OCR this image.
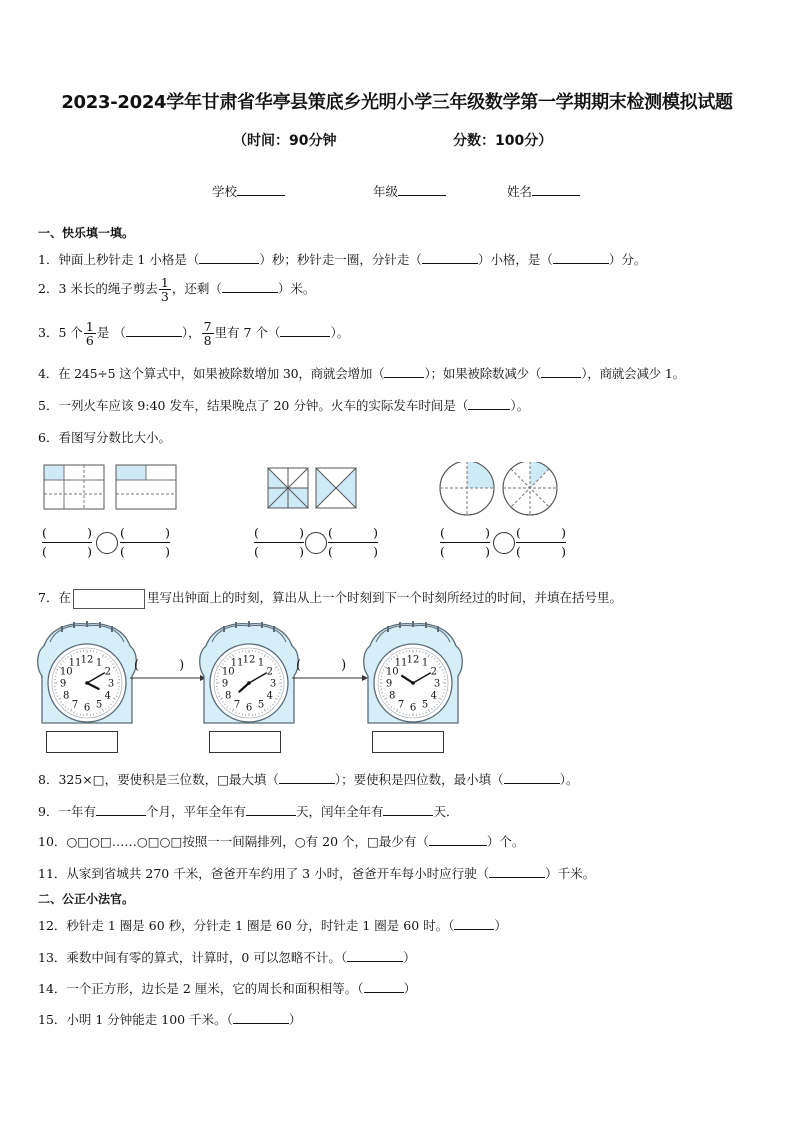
2023-2024学年甘肃省华亭县策底乡光明小学三年级数学第一学期期末检测模拟试题
（时间：90分钟	分数：100分）
学校	年级	姓名
一、快乐填一填。
1．钟面上秒针走 1 小格是（	）秒；秒针走一圈，分针走（	）小格，是（	）分。
2．3 米长的绳子剪去 $\frac{1}{3}$ ，还剩（	）米。
3．5 个 $\frac{1}{6}$ 是 （	）， $\frac{7}{8}$ 里有 7 个（	）。
4．在 245÷5 这个算式中，如果被除数增加 30，商就会增加（	）；如果被除数减少（	），商就会减少 1。
5．一列火车应该 9:40 发车，结果晚点了 20 分钟。火车的实际发车时间是（	）。
6．看图写分数比大小。
(	)
(	)
(	)
(	)
(	)
(	)
(	)
(	)
(	)
(	)
(	)
(	)
7．在	里写出钟面上的时刻，算出从上一个时刻到下一个时刻所经过的时间，并填在括号里。
12 1
2
3
4
5
6
7
8
9
10
11	12 1
2
3
4
5
6
7
8
9
10
11	12 1
2
3
4
5
6
7
8
9
10
11
(	)	(	)
8．325×□，要使积是三位数，□最大填（	）；要使积是四位数，最小填（	）。
9．一年有	个月，平年全年有	天，闰年全年有	天．
10．○□○□……○□○□按照一一间隔排列，○有 20 个，□最少有（	）个。
11．从家到省城共 270 千米，爸爸开车约用了 3 小时，爸爸开车每小时应行驶（	）千米。
二、公正小法官。
12．秒针走 1 圈是 60 秒，分针走 1 圈是 60 分，时针走 1 圈是 60 时。（	）
13．乘数中间有零的算式，计算时，0 可以忽略不计。（	）
14．一个正方形，边长是 2 厘米，它的周长和面积相等。（	）
15．小明 1 分钟能走 100 千米。（	）
